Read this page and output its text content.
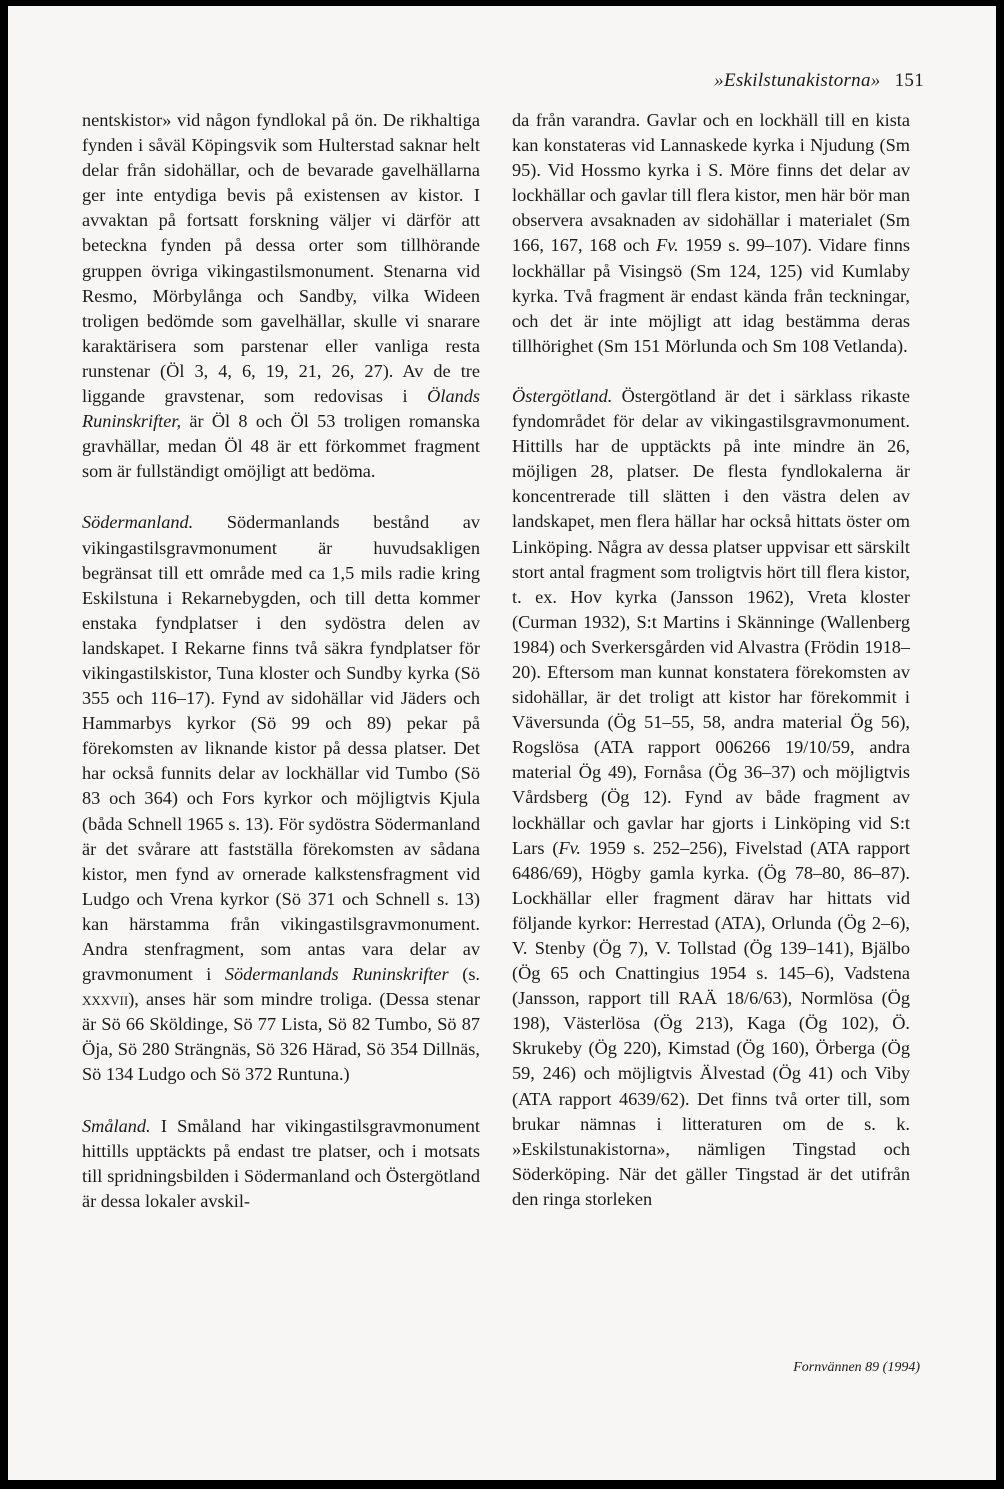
»Eskilstunakistorna» 151

nentskistor» vid någon fyndlokal på ön. De rikhaltiga fynden i såväl Köpingsvik som Hulterstad saknar helt delar från sidohällar, och de bevarade gavelhällarna ger inte entydiga bevis på existensen av kistor. I avvaktan på fortsatt forskning väljer vi därför att beteckna fynden på dessa orter som tillhörande gruppen övriga vikingastilsmonument. Stenarna vid Resmo, Mörbylånga och Sandby, vilka Wideen troligen bedömde som gavelhällar, skulle vi snarare karaktärisera som parstenar eller vanliga resta runstenar (Öl 3, 4, 6, 19, 21, 26, 27). Av de tre liggande gravstenar, som redovisas i Ölands Runinskrifter, är Öl 8 och Öl 53 troligen romanska gravhällar, medan Öl 48 är ett förkommet fragment som är fullständigt omöjligt att bedöma.

Södermanland. Södermanlands bestånd av vikingastilsgravmonument är huvudsakligen begränsat till ett område med ca 1,5 mils radie kring Eskilstuna i Rekarnebygden, och till detta kommer enstaka fyndplatser i den sydöstra delen av landskapet. I Rekarne finns två säkra fyndplatser för vikingastilskistor, Tuna kloster och Sundby kyrka (Sö 355 och 116–17). Fynd av sidohällar vid Jäders och Hammarbys kyrkor (Sö 99 och 89) pekar på förekomsten av liknande kistor på dessa platser. Det har också funnits delar av lockhällar vid Tumbo (Sö 83 och 364) och Fors kyrkor och möjligtvis Kjula (båda Schnell 1965 s. 13). För sydöstra Södermanland är det svårare att fastställa förekomsten av sådana kistor, men fynd av ornerade kalkstensfragment vid Ludgo och Vrena kyrkor (Sö 371 och Schnell s. 13) kan härstamma från vikingastilsgravmonument. Andra stenfragment, som antas vara delar av gravmonument i Södermanlands Runinskrifter (s. xxxvii), anses här som mindre troliga. (Dessa stenar är Sö 66 Sköldinge, Sö 77 Lista, Sö 82 Tumbo, Sö 87 Öja, Sö 280 Strängnäs, Sö 326 Härad, Sö 354 Dillnäs, Sö 134 Ludgo och Sö 372 Runtuna.)

Småland. I Småland har vikingastilsgravmonument hittills upptäckts på endast tre platser, och i motsats till spridningsbilden i Södermanland och Östergötland är dessa lokaler avskil-

da från varandra. Gavlar och en lockhäll till en kista kan konstateras vid Lannaskede kyrka i Njudung (Sm 95). Vid Hossmo kyrka i S. Möre finns det delar av lockhällar och gavlar till flera kistor, men här bör man observera avsaknaden av sidohällar i materialet (Sm 166, 167, 168 och Fv. 1959 s. 99–107). Vidare finns lockhällar på Visingsö (Sm 124, 125) vid Kumlaby kyrka. Två fragment är endast kända från teckningar, och det är inte möjligt att idag bestämma deras tillhörighet (Sm 151 Mörlunda och Sm 108 Vetlanda).

Östergötland. Östergötland är det i särklass rikaste fyndområdet för delar av vikingastilsgravmonument. Hittills har de upptäckts på inte mindre än 26, möjligen 28, platser. De flesta fyndlokalerna är koncentrerade till slätten i den västra delen av landskapet, men flera hällar har också hittats öster om Linköping. Några av dessa platser uppvisar ett särskilt stort antal fragment som troligtvis hört till flera kistor, t. ex. Hov kyrka (Jansson 1962), Vreta kloster (Curman 1932), S:t Martins i Skänninge (Wallenberg 1984) och Sverkersgården vid Alvastra (Frödin 1918–20). Eftersom man kunnat konstatera förekomsten av sidohällar, är det troligt att kistor har förekommit i Väversunda (Ög 51–55, 58, andra material Ög 56), Rogslösa (ATA rapport 006266 19/10/59, andra material Ög 49), Fornåsa (Ög 36–37) och möjligtvis Vårdsberg (Ög 12). Fynd av både fragment av lockhällar och gavlar har gjorts i Linköping vid S:t Lars (Fv. 1959 s. 252–256), Fivelstad (ATA rapport 6486/69), Högby gamla kyrka. (Ög 78–80, 86–87). Lockhällar eller fragment därav har hittats vid följande kyrkor: Herrestad (ATA), Orlunda (Ög 2–6), V. Stenby (Ög 7), V. Tollstad (Ög 139–141), Bjälbo (Ög 65 och Cnattingius 1954 s. 145–6), Vadstena (Jansson, rapport till RAÄ 18/6/63), Normlösa (Ög 198), Västerlösa (Ög 213), Kaga (Ög 102), Ö. Skrukeby (Ög 220), Kimstad (Ög 160), Örberga (Ög 59, 246) och möjligtvis Älvestad (Ög 41) och Viby (ATA rapport 4639/62). Det finns två orter till, som brukar nämnas i litteraturen om de s. k. »Eskilstunakistorna», nämligen Tingstad och Söderköping. När det gäller Tingstad är det utifrån den ringa storleken

Fornvännen 89 (1994)
